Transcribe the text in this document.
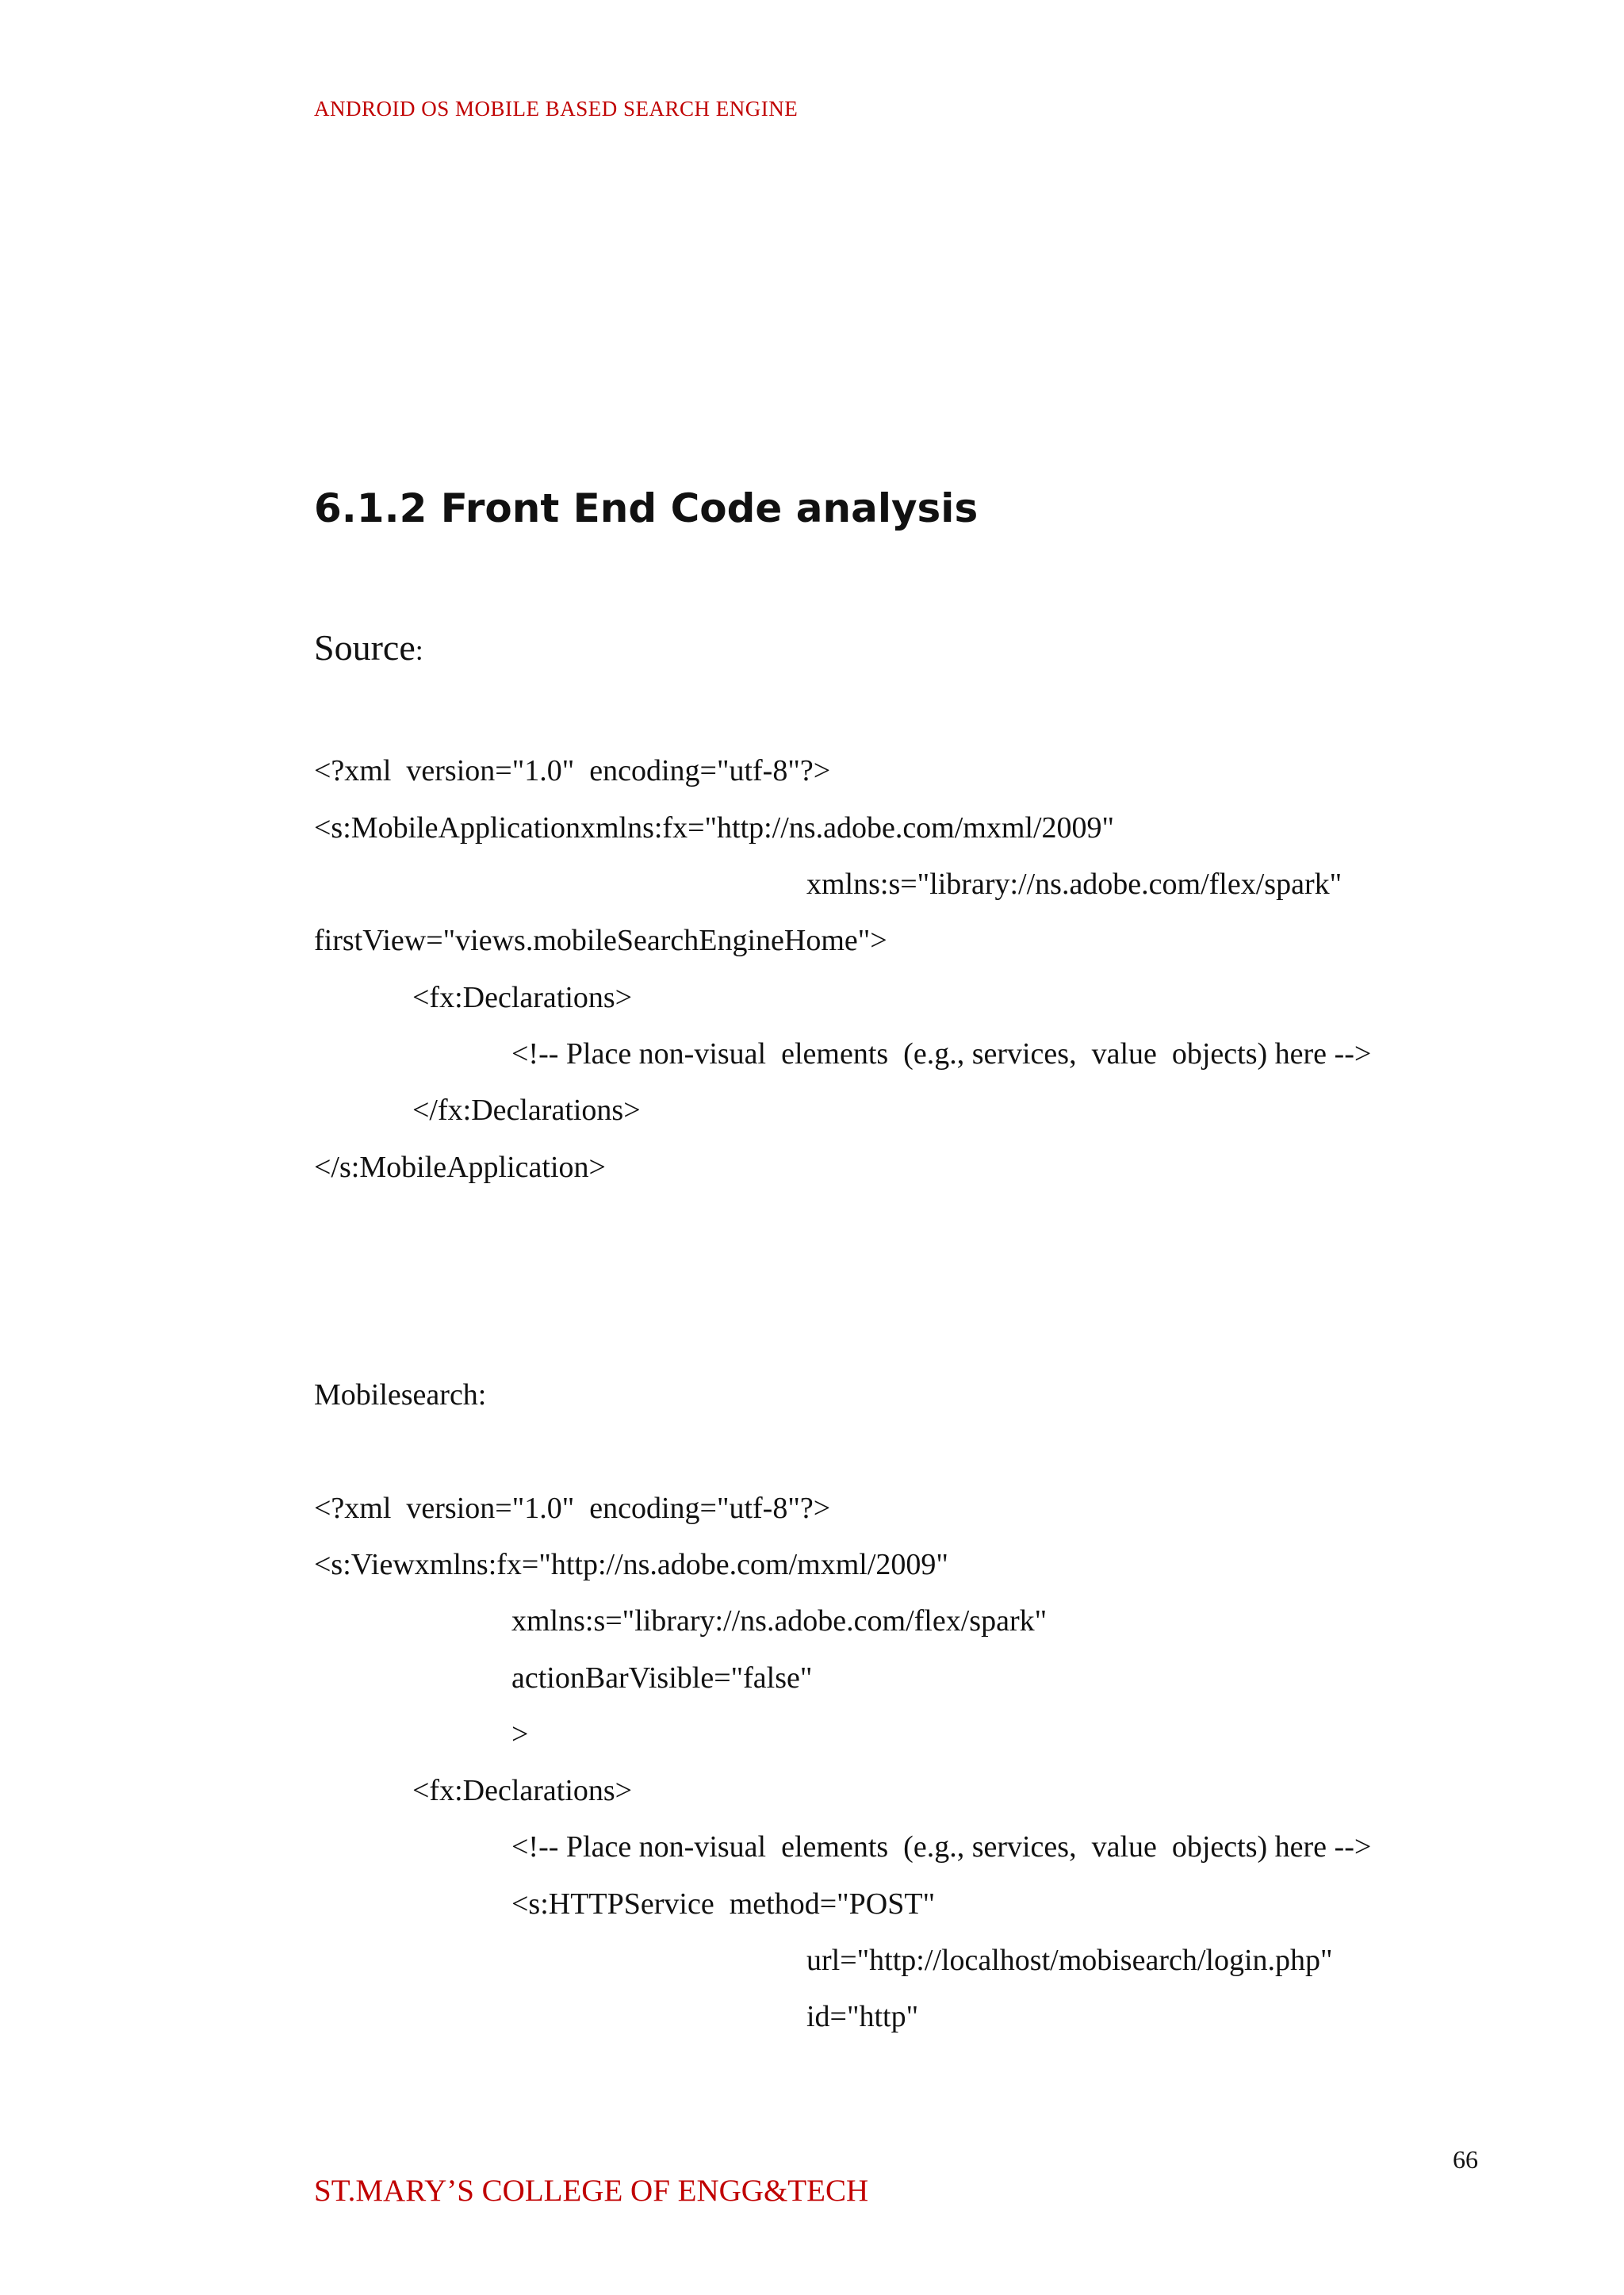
ANDROID OS MOBILE BASED SEARCH ENGINE
6.1.2 Front End Code analysis
Source:
<?xml  version="1.0"  encoding="utf-8"?>
<s:MobileApplicationxmlns:fx="http://ns.adobe.com/mxml/2009"
xmlns:s="library://ns.adobe.com/flex/spark"
firstView="views.mobileSearchEngineHome">
<fx:Declarations>
<!-- Place non-visual  elements  (e.g., services,  value  objects) here -->
</fx:Declarations>
</s:MobileApplication>
Mobilesearch:
<?xml  version="1.0"  encoding="utf-8"?>
<s:Viewxmlns:fx="http://ns.adobe.com/mxml/2009"
xmlns:s="library://ns.adobe.com/flex/spark"
actionBarVisible="false"
>
<fx:Declarations>
<!-- Place non-visual  elements  (e.g., services,  value  objects) here -->
<s:HTTPService  method="POST"
url="http://localhost/mobisearch/login.php"
id="http"
66
ST.MARY’S COLLEGE OF ENGG&TECH
